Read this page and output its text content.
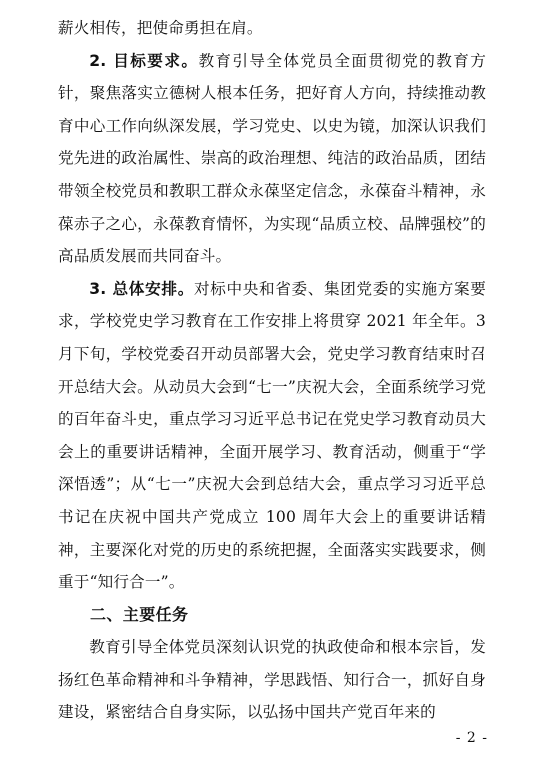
薪火相传，把使命勇担在肩。

2. 目标要求。教育引导全体党员全面贯彻党的教育方针，聚焦落实立德树人根本任务，把好育人方向，持续推动教育中心工作向纵深发展，学习党史、以史为镜，加深认识我们党先进的政治属性、崇高的政治理想、纯洁的政治品质，团结带领全校党员和教职工群众永葆坚定信念，永葆奋斗精神，永葆赤子之心，永葆教育情怀，为实现“品质立校、品牌强校”的高品质发展而共同奋斗。

3. 总体安排。对标中央和省委、集团党委的实施方案要求，学校党史学习教育在工作安排上将贯穿 2021 年全年。3 月下旬，学校党委召开动员部署大会，党史学习教育结束时召开总结大会。从动员大会到“七一”庆祝大会，全面系统学习党的百年奋斗史，重点学习习近平总书记在党史学习教育动员大会上的重要讲话精神，全面开展学习、教育活动，侧重于“学深悟透”；从“七一”庆祝大会到总结大会，重点学习习近平总书记在庆祝中国共产党成立 100 周年大会上的重要讲话精神，主要深化对党的历史的系统把握，全面落实实践要求，侧重于“知行合一”。

二、主要任务

教育引导全体党员深刻认识党的执政使命和根本宗旨，发扬红色革命精神和斗争精神，学思践悟、知行合一，抓好自身建设，紧密结合自身实际，以弘扬中国共产党百年来的

- 2 -
